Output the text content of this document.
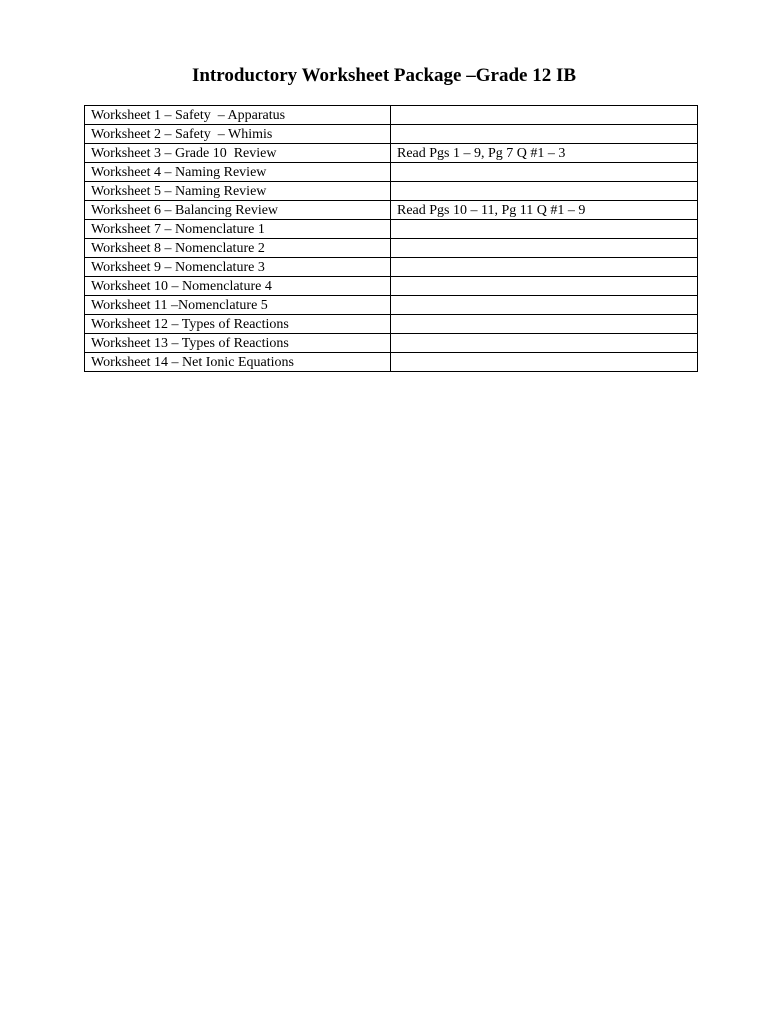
Introductory Worksheet Package –Grade 12 IB
Worksheet 1 – Safety  – Apparatus	
Worksheet 2 – Safety  – Whimis	
Worksheet 3 – Grade 10  Review	Read Pgs 1 – 9, Pg 7 Q #1 – 3
Worksheet 4 – Naming Review	
Worksheet 5 – Naming Review	
Worksheet 6 – Balancing Review	Read Pgs 10 – 11, Pg 11 Q #1 – 9
Worksheet 7 – Nomenclature 1	
Worksheet 8 – Nomenclature 2	
Worksheet 9 – Nomenclature 3	
Worksheet 10 – Nomenclature 4	
Worksheet 11 –Nomenclature 5	
Worksheet 12 – Types of Reactions	
Worksheet 13 – Types of Reactions	
Worksheet 14 – Net Ionic Equations	
